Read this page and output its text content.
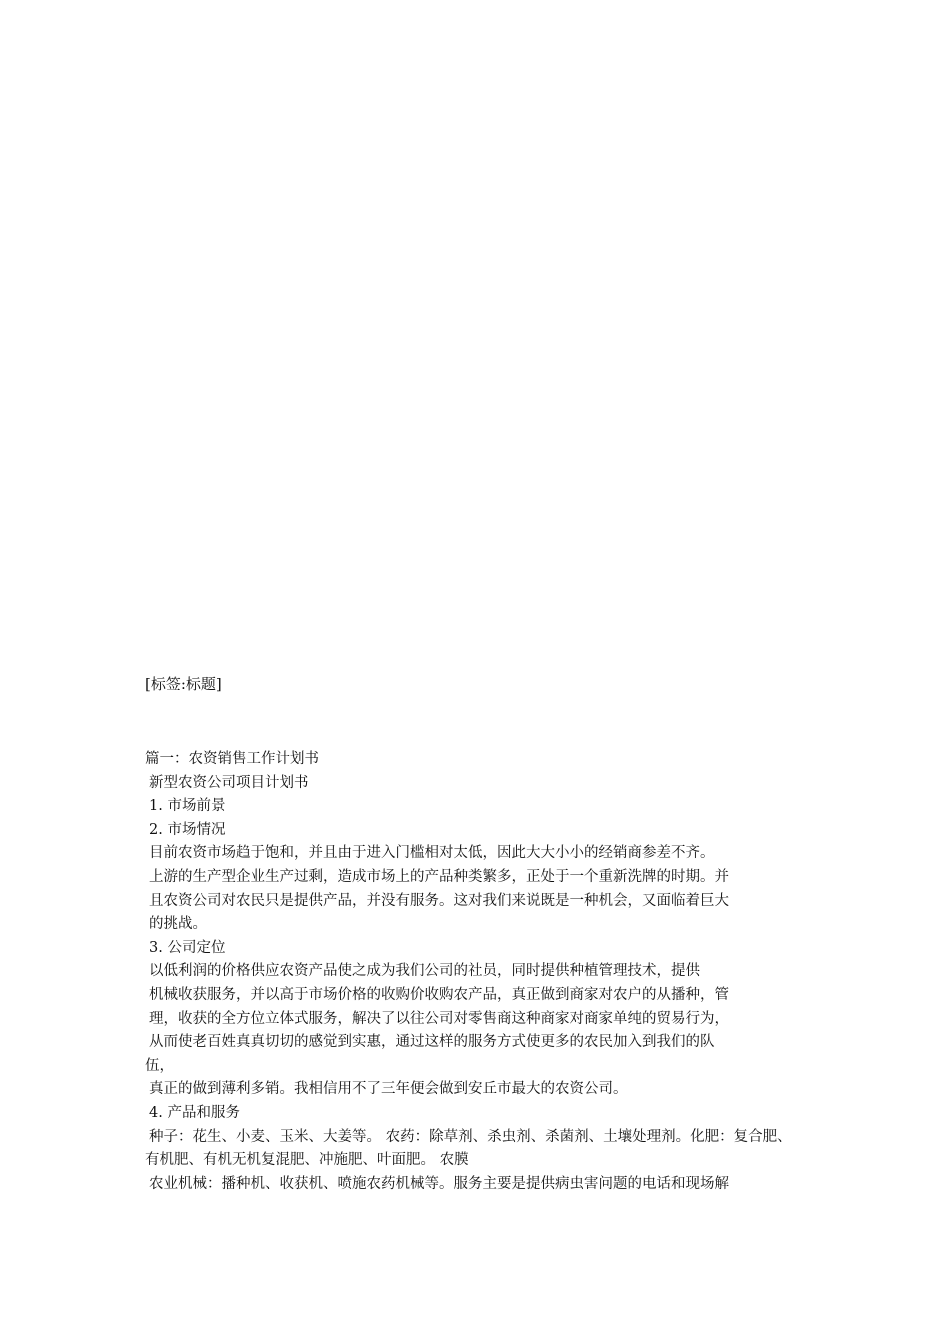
[标签:标题]
篇一：农资销售工作计划书
新型农资公司项目计划书
1. 市场前景
2. 市场情况
目前农资市场趋于饱和，并且由于进入门槛相对太低，因此大大小小的经销商参差不齐。
上游的生产型企业生产过剩，造成市场上的产品种类繁多，正处于一个重新洗牌的时期。并
且农资公司对农民只是提供产品，并没有服务。这对我们来说既是一种机会，又面临着巨大
的挑战。
3. 公司定位
以低利润的价格供应农资产品使之成为我们公司的社员，同时提供种植管理技术，提供
机械收获服务，并以高于市场价格的收购价收购农产品，真正做到商家对农户的从播种，管
理，收获的全方位立体式服务，解决了以往公司对零售商这种商家对商家单纯的贸易行为，
从而使老百姓真真切切的感觉到实惠，通过这样的服务方式使更多的农民加入到我们的队
伍，
真正的做到薄利多销。我相信用不了三年便会做到安丘市最大的农资公司。
4. 产品和服务
种子：花生、小麦、玉米、大姜等。 农药：除草剂、杀虫剂、杀菌剂、土壤处理剂。化肥：复合肥、
有机肥、有机无机复混肥、冲施肥、叶面肥。 农膜
农业机械：播种机、收获机、喷施农药机械等。服务主要是提供病虫害问题的电话和现场解
